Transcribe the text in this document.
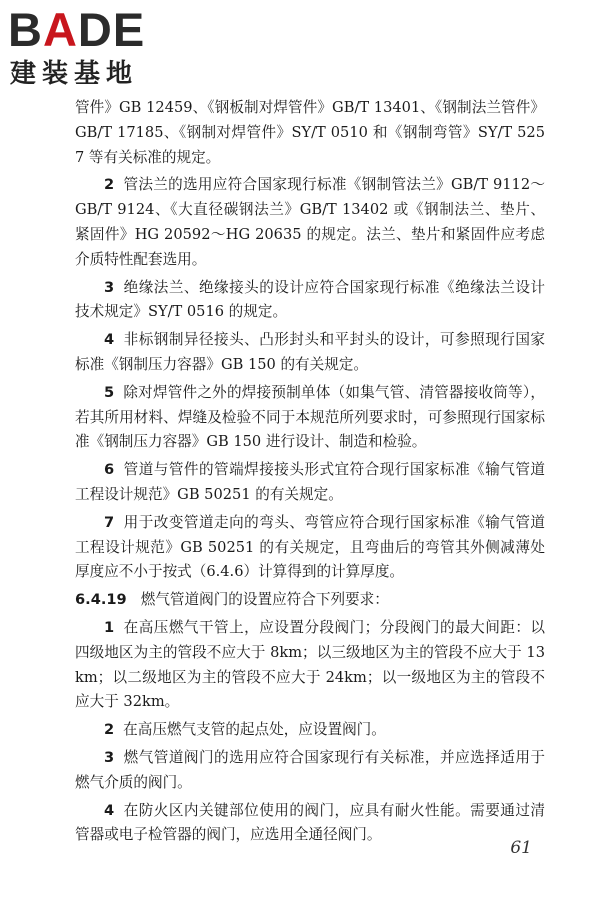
BADE
建装基地

管件》GB 12459、《钢板制对焊管件》GB/T 13401、《钢制法兰管件》GB/T 17185、《钢制对焊管件》SY/T 0510 和《钢制弯管》SY/T 5257 等有关标准的规定。

2 管法兰的选用应符合国家现行标准《钢制管法兰》GB/T 9112～GB/T 9124、《大直径碳钢法兰》GB/T 13402 或《钢制法兰、垫片、紧固件》HG 20592～HG 20635 的规定。法兰、垫片和紧固件应考虑介质特性配套选用。

3 绝缘法兰、绝缘接头的设计应符合国家现行标准《绝缘法兰设计技术规定》SY/T 0516 的规定。

4 非标钢制异径接头、凸形封头和平封头的设计，可参照现行国家标准《钢制压力容器》GB 150 的有关规定。

5 除对焊管件之外的焊接预制单体（如集气管、清管器接收筒等），若其所用材料、焊缝及检验不同于本规范所列要求时，可参照现行国家标准《钢制压力容器》GB 150 进行设计、制造和检验。

6 管道与管件的管端焊接接头形式宜符合现行国家标准《输气管道工程设计规范》GB 50251 的有关规定。

7 用于改变管道走向的弯头、弯管应符合现行国家标准《输气管道工程设计规范》GB 50251 的有关规定，且弯曲后的弯管其外侧减薄处厚度应不小于按式（6.4.6）计算得到的计算厚度。

6.4.19 燃气管道阀门的设置应符合下列要求：

1 在高压燃气干管上，应设置分段阀门；分段阀门的最大间距：以四级地区为主的管段不应大于 8km；以三级地区为主的管段不应大于 13km；以二级地区为主的管段不应大于 24km；以一级地区为主的管段不应大于 32km。

2 在高压燃气支管的起点处，应设置阀门。

3 燃气管道阀门的选用应符合国家现行有关标准，并应选择适用于燃气介质的阀门。

4 在防火区内关键部位使用的阀门，应具有耐火性能。需要通过清管器或电子检管器的阀门，应选用全通径阀门。

61
